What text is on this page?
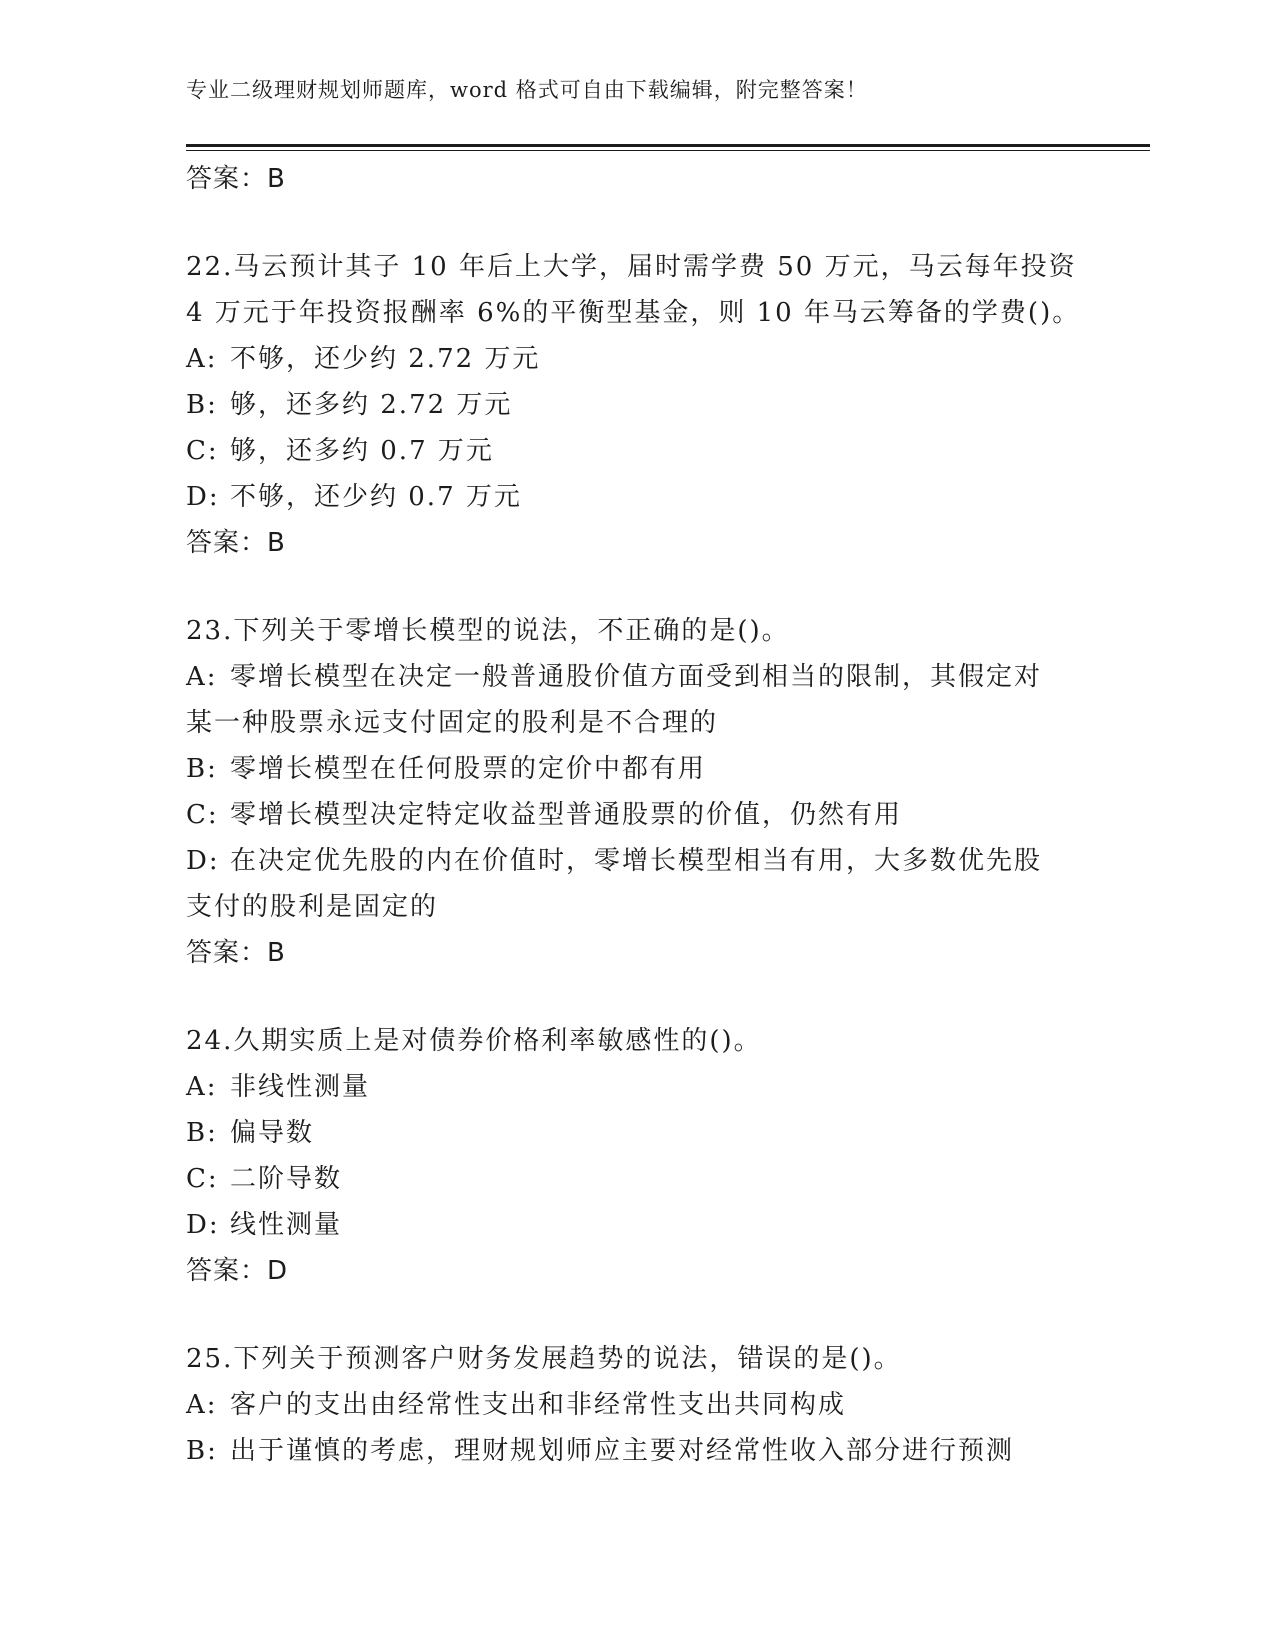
专业二级理财规划师题库，word 格式可自由下载编辑，附完整答案！
答案：B
22.马云预计其子 10 年后上大学，届时需学费 50 万元，马云每年投资
4 万元于年投资报酬率 6%的平衡型基金，则 10 年马云筹备的学费()。
A: 不够，还少约 2.72 万元
B: 够，还多约 2.72 万元
C: 够，还多约 0.7 万元
D: 不够，还少约 0.7 万元
答案：B
23.下列关于零增长模型的说法，不正确的是()。
A: 零增长模型在决定一般普通股价值方面受到相当的限制，其假定对
某一种股票永远支付固定的股利是不合理的
B: 零增长模型在任何股票的定价中都有用
C: 零增长模型决定特定收益型普通股票的价值，仍然有用
D: 在决定优先股的内在价值时，零增长模型相当有用，大多数优先股
支付的股利是固定的
答案：B
24.久期实质上是对债券价格利率敏感性的()。
A: 非线性测量
B: 偏导数
C: 二阶导数
D: 线性测量
答案：D
25.下列关于预测客户财务发展趋势的说法，错误的是()。
A: 客户的支出由经常性支出和非经常性支出共同构成
B: 出于谨慎的考虑，理财规划师应主要对经常性收入部分进行预测
